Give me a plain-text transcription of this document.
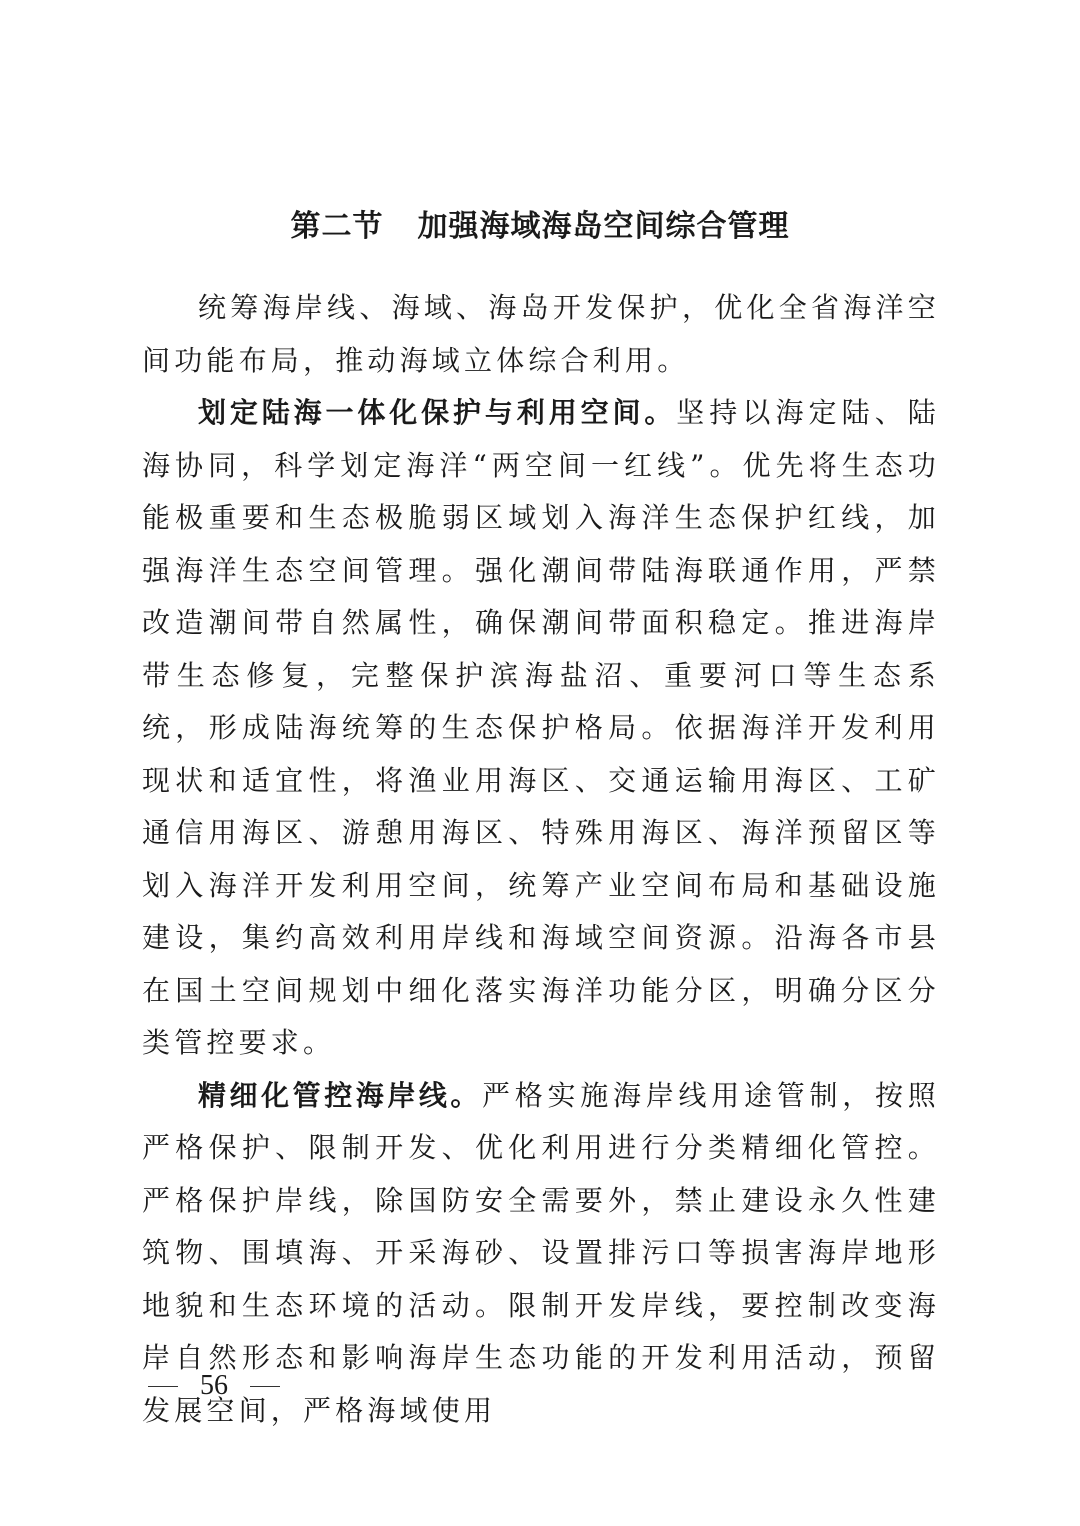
第二节 加强海域海岛空间综合管理

统筹海岸线、海域、海岛开发保护，优化全省海洋空间功能布局，推动海域立体综合利用。

划定陆海一体化保护与利用空间。坚持以海定陆、陆海协同，科学划定海洋“两空间一红线”。优先将生态功能极重要和生态极脆弱区域划入海洋生态保护红线，加强海洋生态空间管理。强化潮间带陆海联通作用，严禁改造潮间带自然属性，确保潮间带面积稳定。推进海岸带生态修复，完整保护滨海盐沼、重要河口等生态系统，形成陆海统筹的生态保护格局。依据海洋开发利用现状和适宜性，将渔业用海区、交通运输用海区、工矿通信用海区、游憩用海区、特殊用海区、海洋预留区等划入海洋开发利用空间，统筹产业空间布局和基础设施建设，集约高效利用岸线和海域空间资源。沿海各市县在国土空间规划中细化落实海洋功能分区，明确分区分类管控要求。

精细化管控海岸线。严格实施海岸线用途管制，按照严格保护、限制开发、优化利用进行分类精细化管控。严格保护岸线，除国防安全需要外，禁止建设永久性建筑物、围填海、开采海砂、设置排污口等损害海岸地形地貌和生态环境的活动。限制开发岸线，要控制改变海岸自然形态和影响海岸生态功能的开发利用活动，预留发展空间，严格海域使用

56
